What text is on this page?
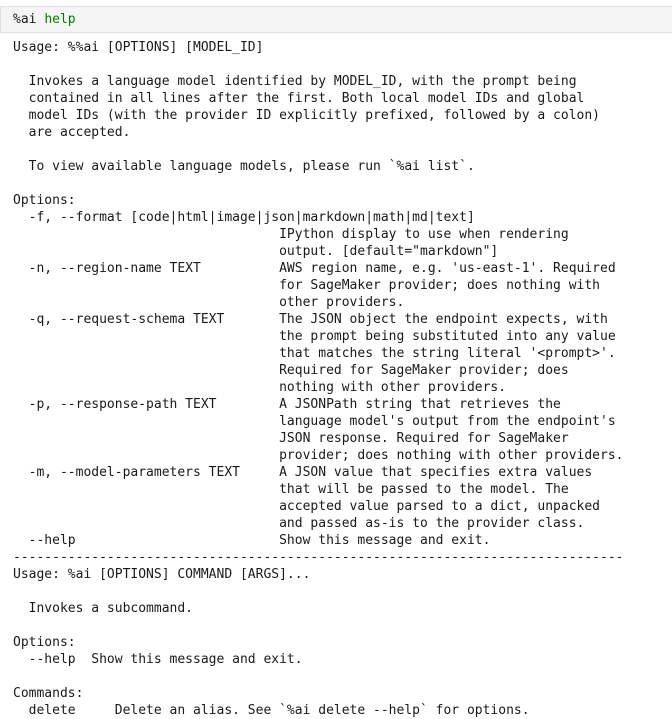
%ai help
Usage: %%ai [OPTIONS] [MODEL_ID]

Invokes a language model identified by MODEL_ID, with the prompt being
contained in all lines after the first. Both local model IDs and global
model IDs (with the provider ID explicitly prefixed, followed by a colon)
are accepted.

To view available language models, please run `%ai list`.

Options:
-f, --format [code|html|image|json|markdown|math|md|text]
IPython display to use when rendering
output. [default="markdown"]
-n, --region-name TEXT          AWS region name, e.g. 'us-east-1'. Required
for SageMaker provider; does nothing with
other providers.
-q, --request-schema TEXT       The JSON object the endpoint expects, with
the prompt being substituted into any value
that matches the string literal '<prompt>'.
Required for SageMaker provider; does
nothing with other providers.
-p, --response-path TEXT        A JSONPath string that retrieves the
language model's output from the endpoint's
JSON response. Required for SageMaker
provider; does nothing with other providers.
-m, --model-parameters TEXT     A JSON value that specifies extra values
that will be passed to the model. The
accepted value parsed to a dict, unpacked
and passed as-is to the provider class.
--help                          Show this message and exit.
------------------------------------------------------------------------------
Usage: %ai [OPTIONS] COMMAND [ARGS]...

Invokes a subcommand.

Options:
--help  Show this message and exit.

Commands:
delete     Delete an alias. See `%ai delete --help` for options.
